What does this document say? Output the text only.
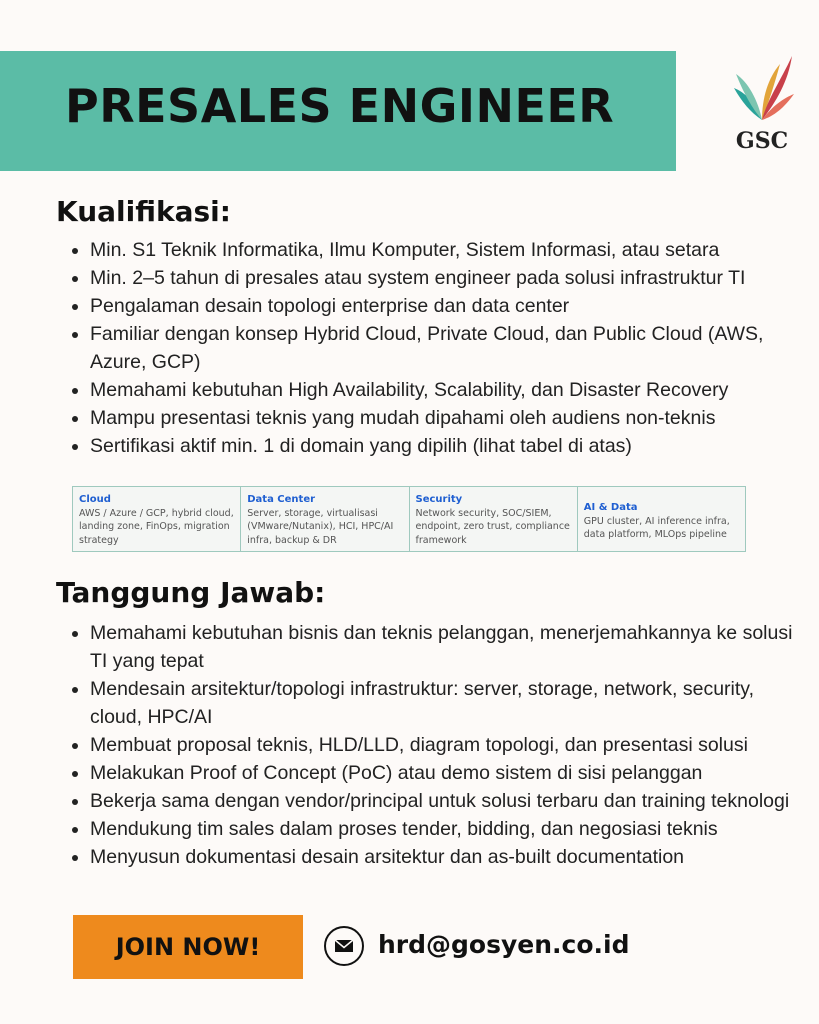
PRESALES ENGINEER
GSC
Kualifikasi:
• Min. S1 Teknik Informatika, Ilmu Komputer, Sistem Informasi, atau setara
• Min. 2–5 tahun di presales atau system engineer pada solusi infrastruktur TI
• Pengalaman desain topologi enterprise dan data center
• Familiar dengan konsep Hybrid Cloud, Private Cloud, dan Public Cloud (AWS, Azure, GCP)
• Memahami kebutuhan High Availability, Scalability, dan Disaster Recovery
• Mampu presentasi teknis yang mudah dipahami oleh audiens non-teknis
• Sertifikasi aktif min. 1 di domain yang dipilih (lihat tabel di atas)
Cloud
AWS / Azure / GCP, hybrid cloud, landing zone, FinOps, migration strategy
Data Center
Server, storage, virtualisasi (VMware/Nutanix), HCI, HPC/AI infra, backup & DR
Security
Network security, SOC/SIEM, endpoint, zero trust, compliance framework
AI & Data
GPU cluster, AI inference infra, data platform, MLOps pipeline
Tanggung Jawab:
• Memahami kebutuhan bisnis dan teknis pelanggan, menerjemahkannya ke solusi TI yang tepat
• Mendesain arsitektur/topologi infrastruktur: server, storage, network, security, cloud, HPC/AI
• Membuat proposal teknis, HLD/LLD, diagram topologi, dan presentasi solusi
• Melakukan Proof of Concept (PoC) atau demo sistem di sisi pelanggan
• Bekerja sama dengan vendor/principal untuk solusi terbaru dan training teknologi
• Mendukung tim sales dalam proses tender, bidding, dan negosiasi teknis
• Menyusun dokumentasi desain arsitektur dan as-built documentation
JOIN NOW!	hrd@gosyen.co.id
